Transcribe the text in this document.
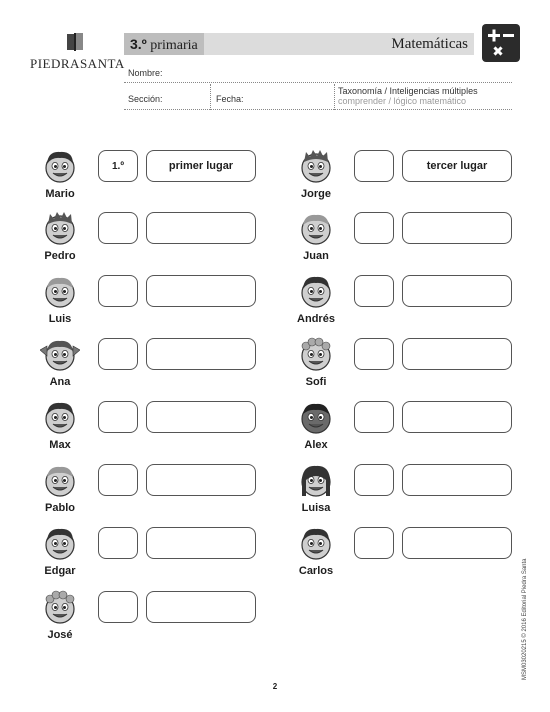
PIEDRASANTA
3.º primaria	Matemáticas
Nombre:
Sección:	Fecha:
Taxonomía / Inteligencias múltiples
comprender / lógico matemático
Mario
1.º	primer lugar
Pedro
Luis
Ana
Max
Pablo
Edgar
José
Jorge
tercer lugar
Juan
Andrés
Sofi
Alex
Luisa
Carlos
2
MSM03020215 © 2016 Editorial Piedra Santa
